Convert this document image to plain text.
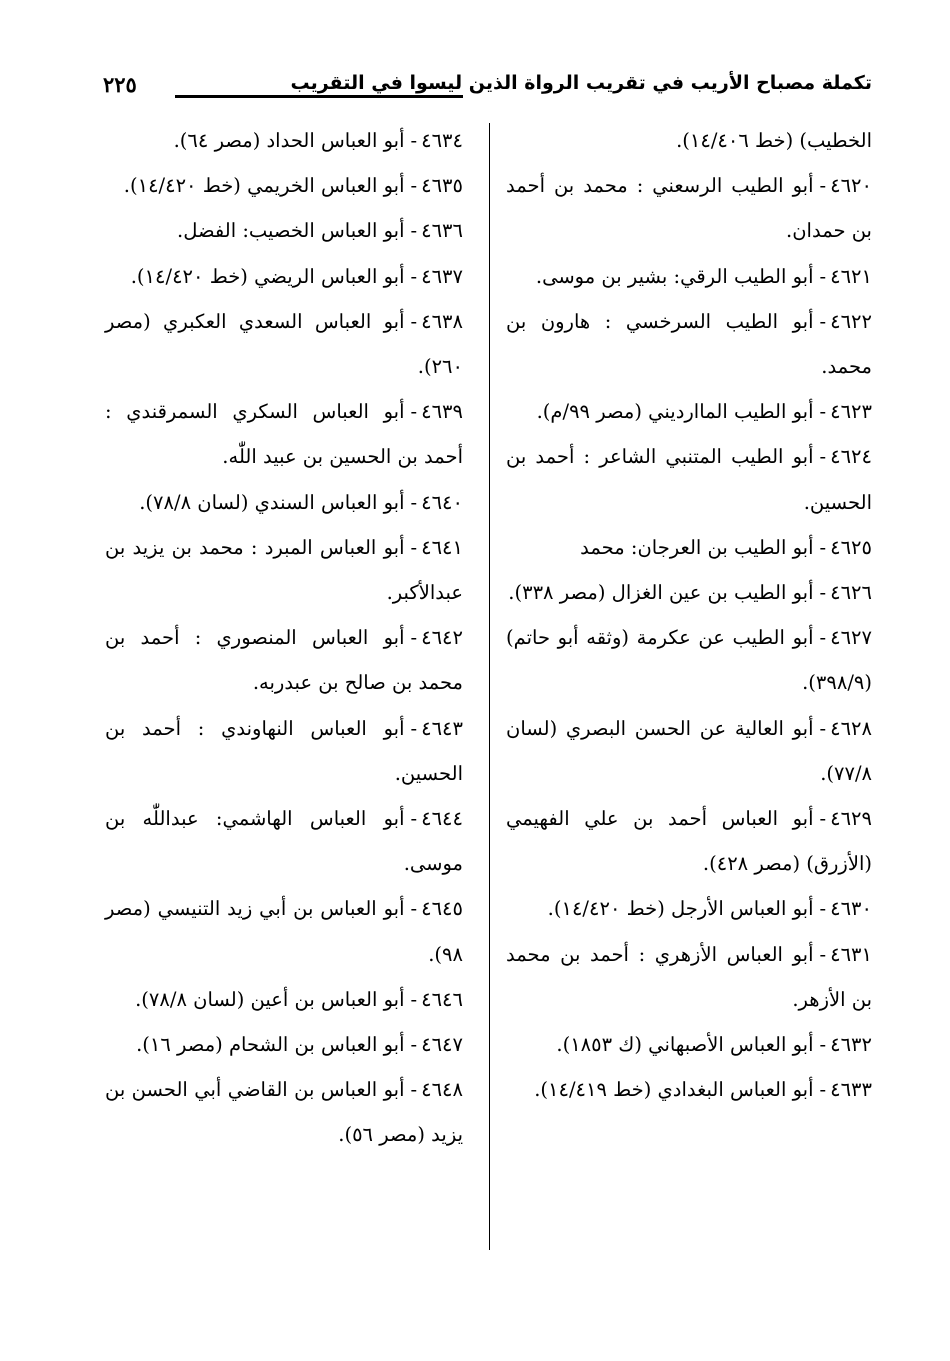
تكملة مصباح الأريب في تقريب الرواة الذين ليسوا في التقريب
٢٢٥
الخطيب) (خط ١٤/٤٠٦).
٤٦٢٠-أبو الطيب الرسعني : محمد بن أحمد بن حمدان.
٤٦٢١-أبو الطيب الرقي: بشير بن موسى.
٤٦٢٢-أبو الطيب السرخسي : هارون بن محمد.
٤٦٢٣-أبو الطيب الماارديني (مصر ٩٩/م).
٤٦٢٤-أبو الطيب المتنبي الشاعر : أحمد بن الحسين.
٤٦٢٥-أبو الطيب بن العرجان: محمد
٤٦٢٦-أبو الطيب بن عين الغزال (مصر ٣٣٨).
٤٦٢٧-أبو الطيب عن عكرمة (وثقه أبو حاتم) (٣٩٨/٩).
٤٦٢٨-أبو العالية عن الحسن البصري (لسان ٧٧/٨).
٤٦٢٩-أبو العباس أحمد بن علي الفهيمي (الأزرق) (مصر ٤٢٨).
٤٦٣٠-أبو العباس الأرجل (خط ١٤/٤٢٠).
٤٦٣١-أبو العباس الأزهري : أحمد بن محمد بن الأزهر.
٤٦٣٢-أبو العباس الأصبهاني (ك ١٨٥٣).
٤٦٣٣-أبو العباس البغدادي (خط ١٤/٤١٩).
٤٦٣٤-أبو العباس الحداد (مصر ٦٤).
٤٦٣٥-أبو العباس الخريمي (خط ١٤/٤٢٠).
٤٦٣٦-أبو العباس الخصيب: الفضل.
٤٦٣٧-أبو العباس الريضي (خط ١٤/٤٢٠).
٤٦٣٨-أبو العباس السعدي العكبري (مصر ٢٦٠).
٤٦٣٩-أبو العباس السكري السمرقندي : أحمد بن الحسين بن عبيد اللّٰه.
٤٦٤٠-أبو العباس السندي (لسان ٧٨/٨).
٤٦٤١-أبو العباس المبرد : محمد بن يزيد بن عبدالأكبر.
٤٦٤٢-أبو العباس المنصوري : أحمد بن محمد بن صالح بن عبدربه.
٤٦٤٣-أبو العباس النهاوندي : أحمد بن الحسين.
٤٦٤٤-أبو العباس الهاشمي: عبداللّٰه بن موسى.
٤٦٤٥-أبو العباس بن أبي زيد التنيسي (مصر ٩٨).
٤٦٤٦-أبو العباس بن أعين (لسان ٧٨/٨).
٤٦٤٧-أبو العباس بن الشحام (مصر ١٦).
٤٦٤٨-أبو العباس بن القاضي أبي الحسن بن يزيد (مصر ٥٦).
